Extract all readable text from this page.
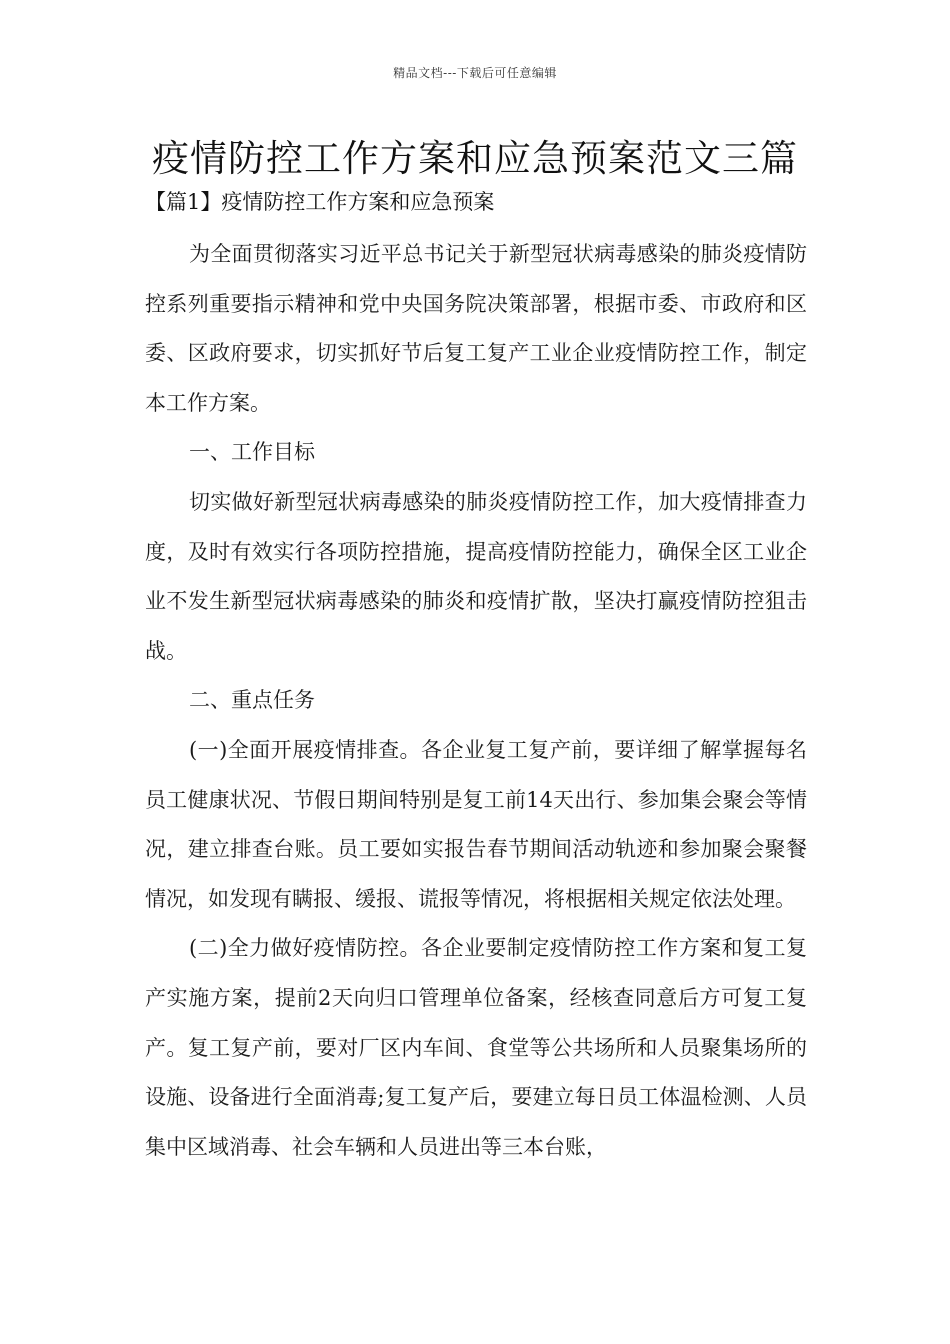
精品文档---下载后可任意编辑
疫情防控工作方案和应急预案范文三篇
【篇1】疫情防控工作方案和应急预案

为全面贯彻落实习近平总书记关于新型冠状病毒感染的肺炎疫情防控系列重要指示精神和党中央国务院决策部署，根据市委、市政府和区委、区政府要求，切实抓好节后复工复产工业企业疫情防控工作，制定本工作方案。

一、工作目标

切实做好新型冠状病毒感染的肺炎疫情防控工作，加大疫情排查力度，及时有效实行各项防控措施，提高疫情防控能力，确保全区工业企业不发生新型冠状病毒感染的肺炎和疫情扩散，坚决打赢疫情防控狙击战。

二、重点任务

(一)全面开展疫情排查。各企业复工复产前，要详细了解掌握每名员工健康状况、节假日期间特别是复工前14天出行、参加集会聚会等情况，建立排查台账。员工要如实报告春节期间活动轨迹和参加聚会聚餐情况，如发现有瞒报、缓报、谎报等情况，将根据相关规定依法处理。

(二)全力做好疫情防控。各企业要制定疫情防控工作方案和复工复产实施方案，提前2天向归口管理单位备案，经核查同意后方可复工复产。复工复产前，要对厂区内车间、食堂等公共场所和人员聚集场所的设施、设备进行全面消毒;复工复产后，要建立每日员工体温检测、人员集中区域消毒、社会车辆和人员进出等三本台账，
